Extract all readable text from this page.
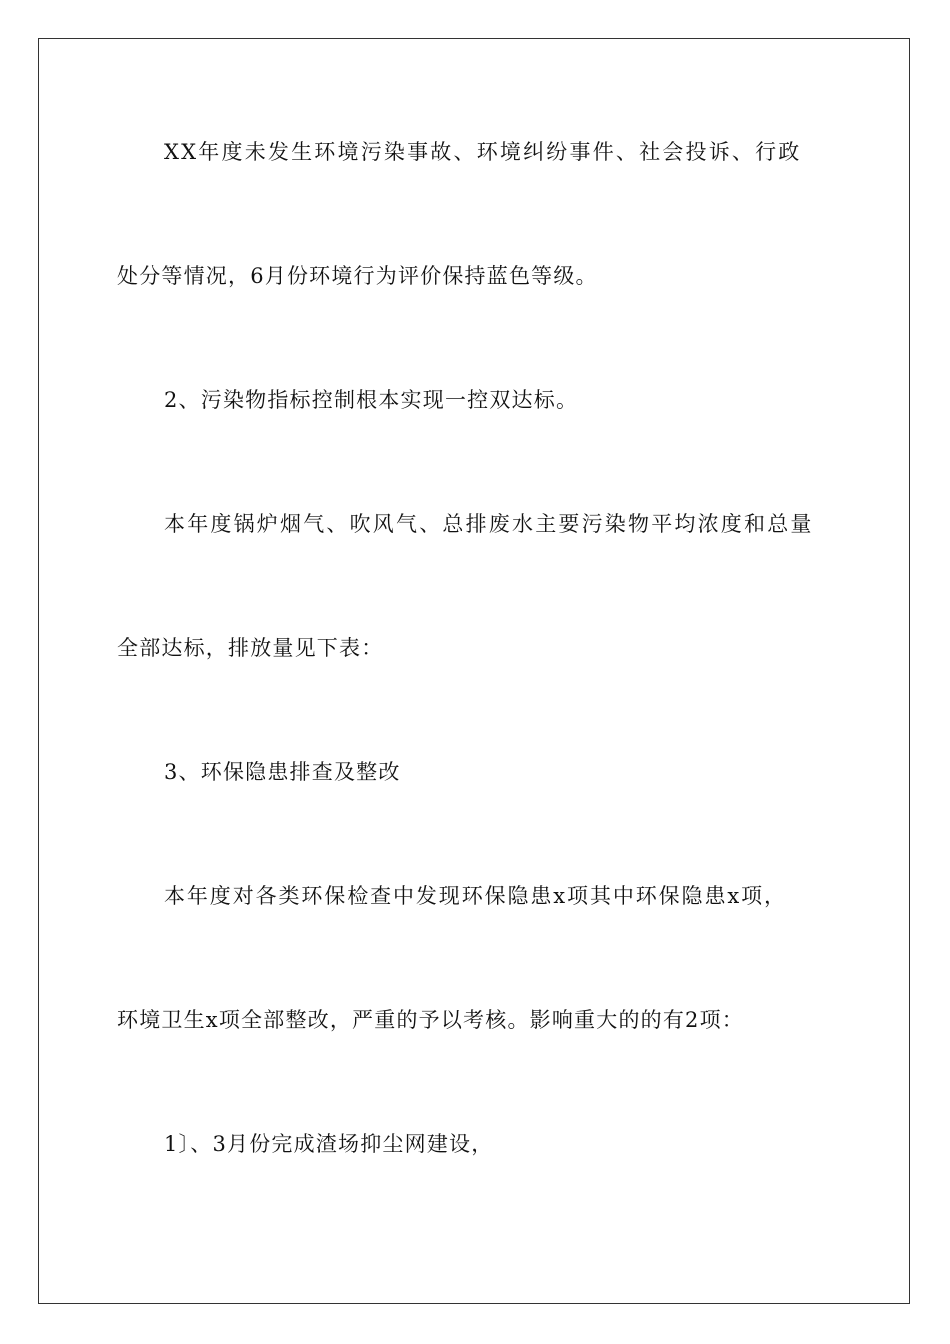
XX年度未发生环境污染事故、环境纠纷事件、社会投诉、行政
处分等情况，6月份环境行为评价保持蓝色等级。
2、污染物指标控制根本实现一控双达标。
本年度锅炉烟气、吹风气、总排废水主要污染物平均浓度和总量
全部达标，排放量见下表：
3、环保隐患排查及整改
本年度对各类环保检查中发现环保隐患x项其中环保隐患x项，
环境卫生x项全部整改，严重的予以考核。影响重大的的有2项：
1〕、3月份完成渣场抑尘网建设，
